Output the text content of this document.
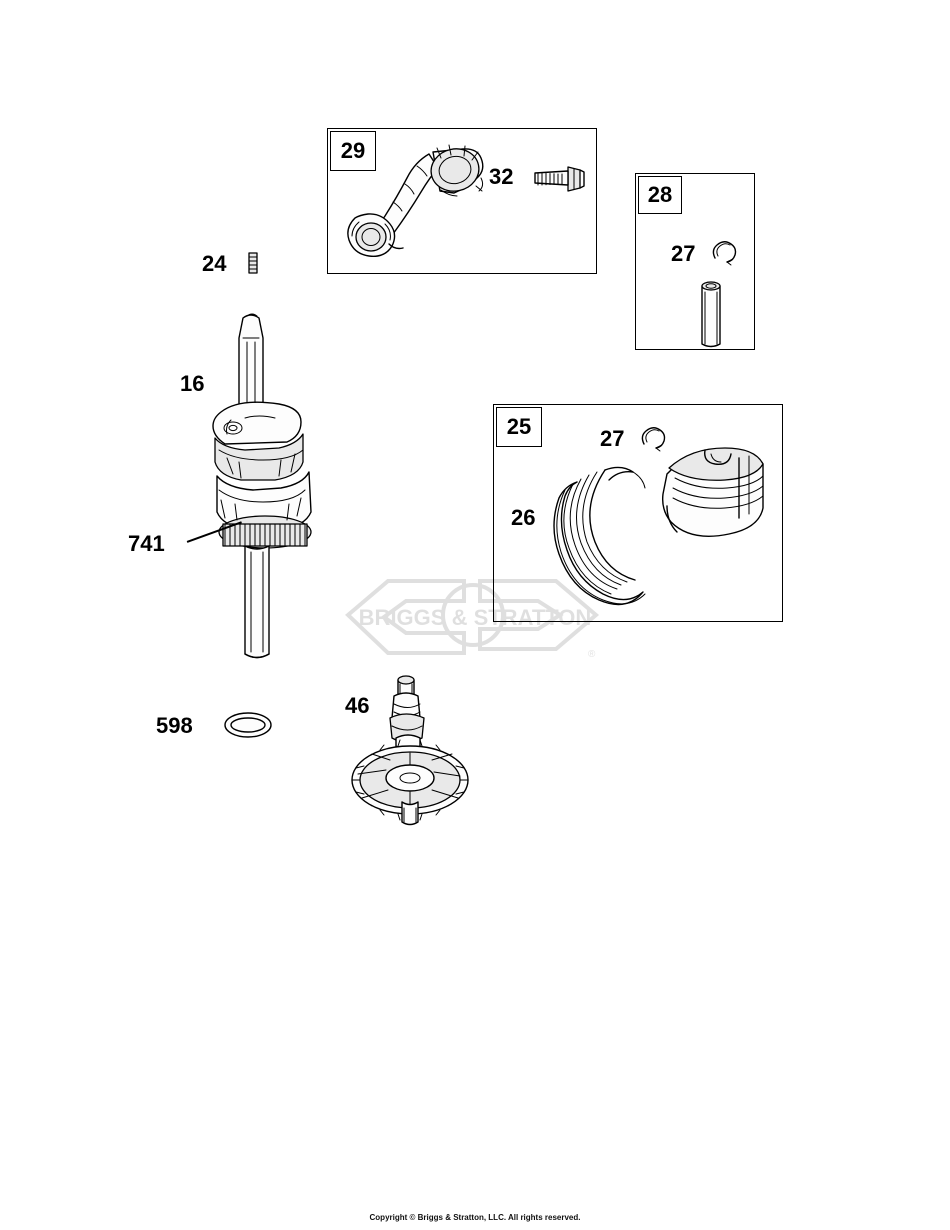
29
32
28
27
24
16
741
25	27
26
598
46
BRIGGS & STRATTON
®
Copyright © Briggs & Stratton, LLC. All rights reserved.
